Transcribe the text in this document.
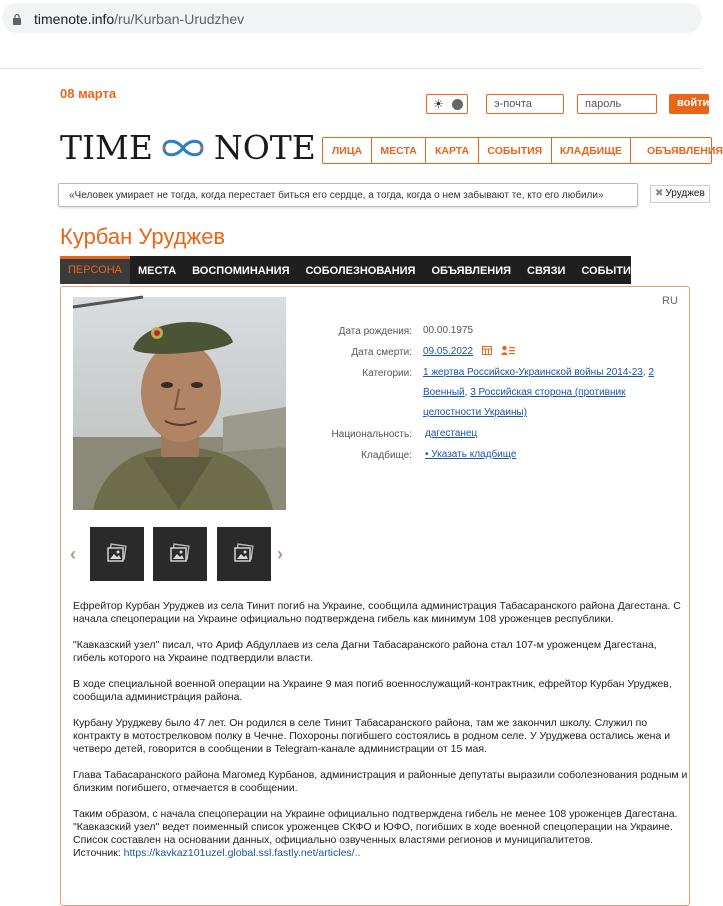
timenote.info/ru/Kurban-Urudzhev
08 марта
☀	э-почта	пароль	войти
TIME NOTE	ЛИЦА	МЕСТА	КАРТА	СОБЫТИЯ	КЛАДБИЩЕ	ОБЪЯВЛЕНИЯ
«Человек умирает не тогда, когда перестает биться его сердце, а тогда, когда о нем забывают те, кто его любили»	✖ Уруджев
Курбан Уруджев
ПЕРСОНА	МЕСТА	ВОСПОМИНАНИЯ	СОБОЛЕЗНОВАНИЯ	ОБЪЯВЛЕНИЯ	СВЯЗИ	СОБЫТИЯ
RU
Дата рождения: 00.00.1975
Дата смерти: 09.05.2022
Категории: 1 жертва Российско-Украинской войны 2014-23, 2 Военный, 3 Российская сторона (противник целостности Украины)
Национальность: дагестанец
Кладбище: • Указать кладбище
‹	›

Ефрейтор Курбан Уруджев из села Тинит погиб на Украине, сообщила администрация Табасаранского района Дагестана. С начала спецоперации на Украине официально подтверждена гибель как минимум 108 уроженцев республики.

"Кавказский узел" писал, что Ариф Абдуллаев из села Дагни Табасаранского района стал 107-м уроженцем Дагестана, гибель которого на Украине подтвердили власти.

В ходе специальной военной операции на Украине 9 мая погиб военнослужащий-контрактник, ефрейтор Курбан Уруджев, сообщила администрация района.

Курбану Уруджеву было 47 лет. Он родился в селе Тинит Табасаранского района, там же закончил школу. Служил по контракту в мотострелковом полку в Чечне. Похороны погибшего состоялись в родном селе. У Уруджева остались жена и четверо детей, говорится в сообщении в Telegram-канале администрации от 15 мая.

Глава Табасаранского района Магомед Курбанов, администрация и районные депутаты выразили соболезнования родным и близким погибшего, отмечается в сообщении.

Таким образом, с начала спецоперации на Украине официально подтверждена гибель не менее 108 уроженцев Дагестана. "Кавказский узел" ведет поименный список уроженцев СКФО и ЮФО, погибших в ходе военной спецоперации на Украине. Список составлен на основании данных, официально озвученных властями регионов и муниципалитетов.

Источник: https://kavkaz101uzel.global.ssl.fastly.net/articles/..
